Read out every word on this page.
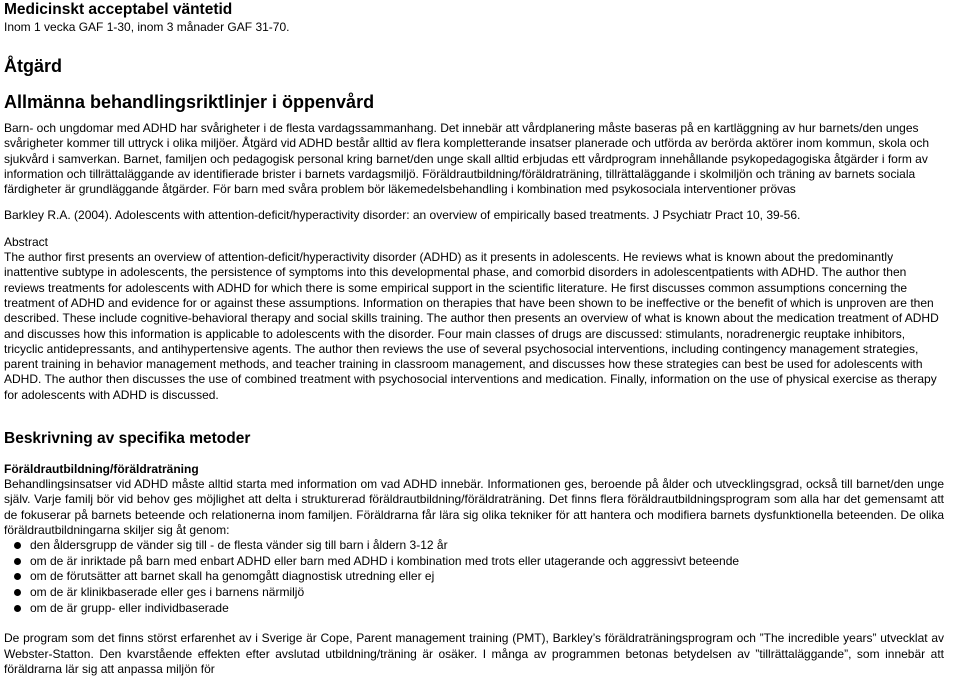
Medicinskt acceptabel väntetid
Inom 1 vecka GAF 1-30, inom 3 månader GAF 31-70.
Åtgärd
Allmänna behandlingsriktlinjer i öppenvård

Barn- och ungdomar med ADHD har svårigheter i de flesta vardagssammanhang. Det innebär att vårdplanering måste baseras på en kartläggning av hur barnets/den unges svårigheter kommer till uttryck i olika miljöer. Åtgärd vid ADHD består alltid av flera kompletterande insatser planerade och utförda av berörda aktörer inom kommun, skola och sjukvård i samverkan. Barnet, familjen och pedagogisk personal kring barnet/den unge skall alltid erbjudas ett vårdprogram innehållande psykopedagogiska åtgärder i form av information och tillrättaläggande av identifierade brister i barnets vardagsmiljö. Föräldrautbildning/föräldraträning, tillrättaläggande i skolmiljön och träning av barnets sociala färdigheter är grundläggande åtgärder. För barn med svåra problem bör läkemedelsbehandling i kombination med psykosociala interventioner prövas

Barkley R.A. (2004). Adolescents with attention-deficit/hyperactivity disorder: an overview of empirically based treatments. J Psychiatr Pract 10, 39-56.

Abstract

The author first presents an overview of attention-deficit/hyperactivity disorder (ADHD) as it presents in adolescents. He reviews what is known about the predominantly inattentive subtype in adolescents, the persistence of symptoms into this developmental phase, and comorbid disorders in adolescentpatients with ADHD. The author then reviews treatments for adolescents with ADHD for which there is some empirical support in the scientific literature. He first discusses common assumptions concerning the treatment of ADHD and evidence for or against these assumptions. Information on therapies that have been shown to be ineffective or the benefit of which is unproven are then described. These include cognitive-behavioral therapy and social skills training. The author then presents an overview of what is known about the medication treatment of ADHD and discusses how this information is applicable to adolescents with the disorder. Four main classes of drugs are discussed: stimulants, noradrenergic reuptake inhibitors, tricyclic antidepressants, and antihypertensive agents. The author then reviews the use of several psychosocial interventions, including contingency management strategies, parent training in behavior management methods, and teacher training in classroom management, and discusses how these strategies can best be used for adolescents with ADHD. The author then discusses the use of combined treatment with psychosocial interventions and medication. Finally, information on the use of physical exercise as therapy for adolescents with ADHD is discussed.

Beskrivning av specifika metoder
Föräldrautbildning/föräldraträning

Behandlingsinsatser vid ADHD måste alltid starta med information om vad ADHD innebär. Informationen ges, beroende på ålder och utvecklingsgrad, också till barnet/den unge själv. Varje familj bör vid behov ges möjlighet att delta i strukturerad föräldrautbildning/föräldraträning. Det finns flera föräldrautbildningsprogram som alla har det gemensamt att de fokuserar på barnets beteende och relationerna inom familjen. Föräldrarna får lära sig olika tekniker för att hantera och modifiera barnets dysfunktionella beteenden. De olika föräldrautbildningarna skiljer sig åt genom:

den åldersgrupp de vänder sig till - de flesta vänder sig till barn i åldern 3-12 år
om de är inriktade på barn med enbart ADHD eller barn med ADHD i kombination med trots eller utagerande och aggressivt beteende
om de förutsätter att barnet skall ha genomgått diagnostisk utredning eller ej
om de är klinikbaserade eller ges i barnens närmiljö
om de är grupp- eller individbaserade

De program som det finns störst erfarenhet av i Sverige är Cope, Parent management training (PMT), Barkley’s föräldraträningsprogram och ”The incredible years” utvecklat av Webster-Statton. Den kvarstående effekten efter avslutad utbildning/träning är osäker. I många av programmen betonas betydelsen av ”tillrättaläggande”, som innebär att föräldrarna lär sig att anpassa miljön för
